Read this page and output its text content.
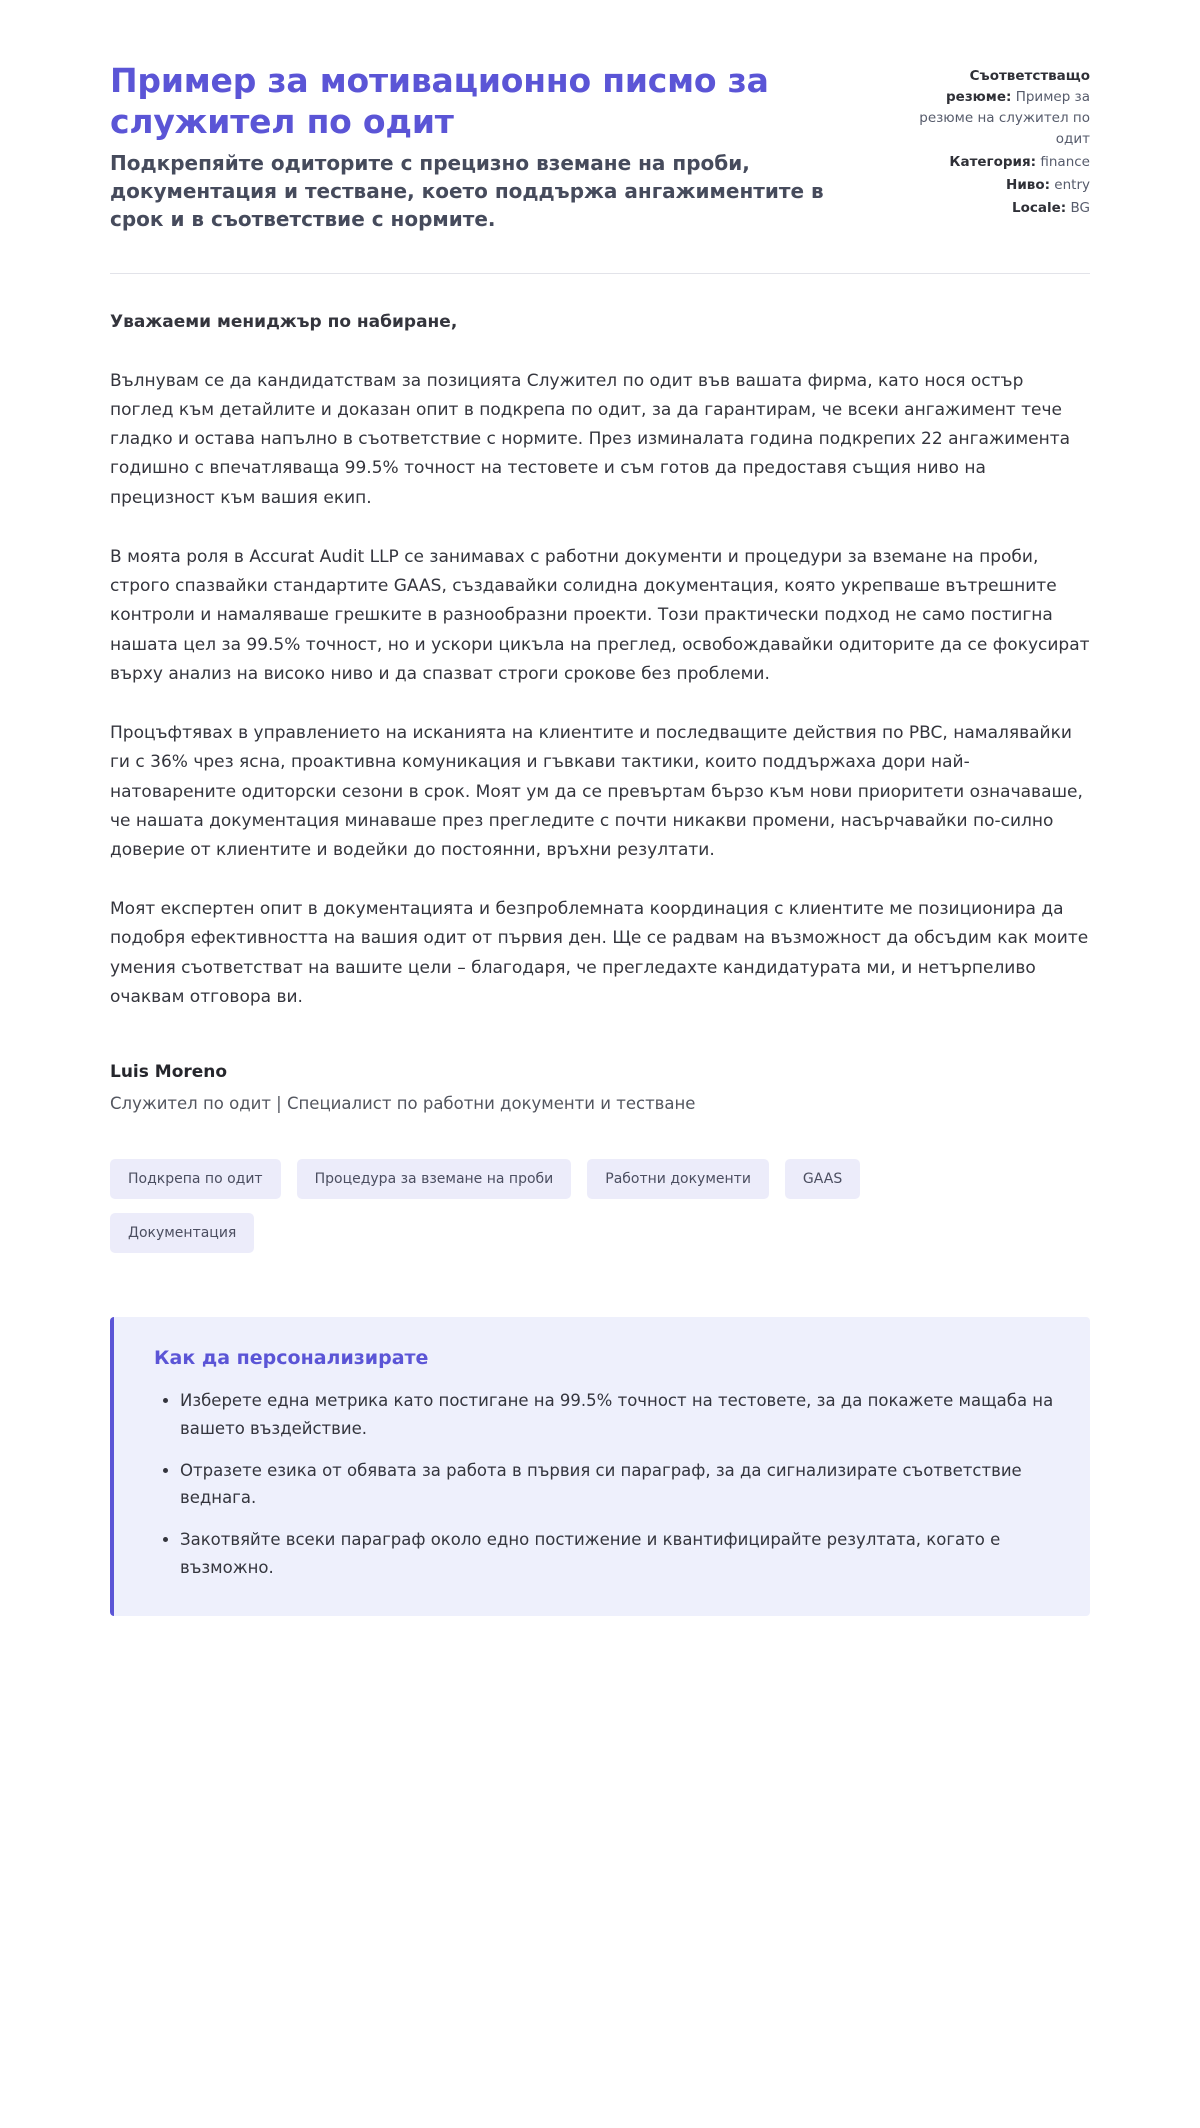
Пример за мотивационно писмо за служител по одит

Подкрепяйте одиторите с прецизно вземане на проби, документация и тестване, което поддържа ангажиментите в срок и в съответствие с нормите.

Съответстващо резюме: Пример за резюме на служител по одит
Категория: finance
Ниво: entry
Locale: BG

Уважаеми мениджър по набиране,

Вълнувам се да кандидатствам за позицията Служител по одит във вашата фирма, като нося остър поглед към детайлите и доказан опит в подкрепа по одит, за да гарантирам, че всеки ангажимент тече гладко и остава напълно в съответствие с нормите. През изминалата година подкрепих 22 ангажимента годишно с впечатляваща 99.5% точност на тестовете и съм готов да предоставя същия ниво на прецизност към вашия екип.

В моята роля в Accurat Audit LLP се занимавах с работни документи и процедури за вземане на проби, строго спазвайки стандартите GAAS, създавайки солидна документация, която укрепваше вътрешните контроли и намаляваше грешките в разнообразни проекти. Този практически подход не само постигна нашата цел за 99.5% точност, но и ускори цикъла на преглед, освобождавайки одиторите да се фокусират върху анализ на високо ниво и да спазват строги срокове без проблеми.

Процъфтявах в управлението на исканията на клиентите и последващите действия по PBC, намалявайки ги с 36% чрез ясна, проактивна комуникация и гъвкави тактики, които поддържаха дори най-натоварените одиторски сезони в срок. Моят ум да се превъртам бързо към нови приоритети означаваше, че нашата документация минаваше през прегледите с почти никакви промени, насърчавайки по-силно доверие от клиентите и водейки до постоянни, връхни резултати.

Моят експертен опит в документацията и безпроблемната координация с клиентите ме позиционира да подобря ефективността на вашия одит от първия ден. Ще се радвам на възможност да обсъдим как моите умения съответстват на вашите цели – благодаря, че прегледахте кандидатурата ми, и нетърпеливо очаквам отговора ви.

Luis Moreno

Служител по одит | Специалист по работни документи и тестване

Подкрепа по одит	Процедура за вземане на проби	Работни документи	GAAS
Документация
Как да персонализирате
• Изберете една метрика като постигане на 99.5% точност на тестовете, за да покажете мащаба на вашето въздействие.
• Отразете езика от обявата за работа в първия си параграф, за да сигнализирате съответствие веднага.
• Закотвяйте всеки параграф около едно постижение и квантифицирайте резултата, когато е възможно.
